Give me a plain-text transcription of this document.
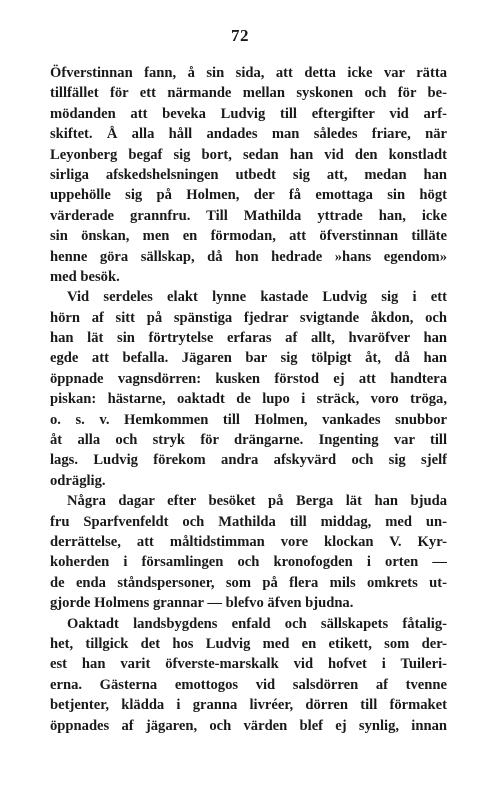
72
Öfverstinnan fann, å sin sida, att detta icke var rätta
tillfället för ett närmande mellan syskonen och för be-
mödanden att beveka Ludvig till eftergifter vid arf-
skiftet. Å alla håll andades man således friare, när
Leyonberg begaf sig bort, sedan han vid den konstladt
sirliga afskedshelsningen utbedt sig att, medan han
uppehölle sig på Holmen, der få emottaga sin högt
värderade grannfru. Till Mathilda yttrade han, icke
sin önskan, men en förmodan, att öfverstinnan tilläte
henne göra sällskap, då hon hedrade »hans egendom»
med besök.
Vid serdeles elakt lynne kastade Ludvig sig i ett
hörn af sitt på spänstiga fjedrar svigtande åkdon, och
han lät sin förtrytelse erfaras af allt, hvaröfver han
egde att befalla. Jägaren bar sig tölpigt åt, då han
öppnade vagnsdörren: kusken förstod ej att handtera
piskan: hästarne, oaktadt de lupo i sträck, voro tröga,
o. s. v. Hemkommen till Holmen, vankades snubbor
åt alla och stryk för drängarne. Ingenting var till
lags. Ludvig förekom andra afskyvärd och sig sjelf
odräglig.
Några dagar efter besöket på Berga lät han bjuda
fru Sparfvenfeldt och Mathilda till middag, med un-
derrättelse, att måltidstimman vore klockan V. Kyr-
koherden i församlingen och kronofogden i orten —
de enda ståndspersoner, som på flera mils omkrets ut-
gjorde Holmens grannar — blefvo äfven bjudna.
Oaktadt landsbygdens enfald och sällskapets fåtalig-
het, tillgick det hos Ludvig med en etikett, som der-
est han varit öfverste-marskalk vid hofvet i Tuileri-
erna. Gästerna emottogos vid salsdörren af tvenne
betjenter, klädda i granna livréer, dörren till förmaket
öppnades af jägaren, och värden blef ej synlig, innan
